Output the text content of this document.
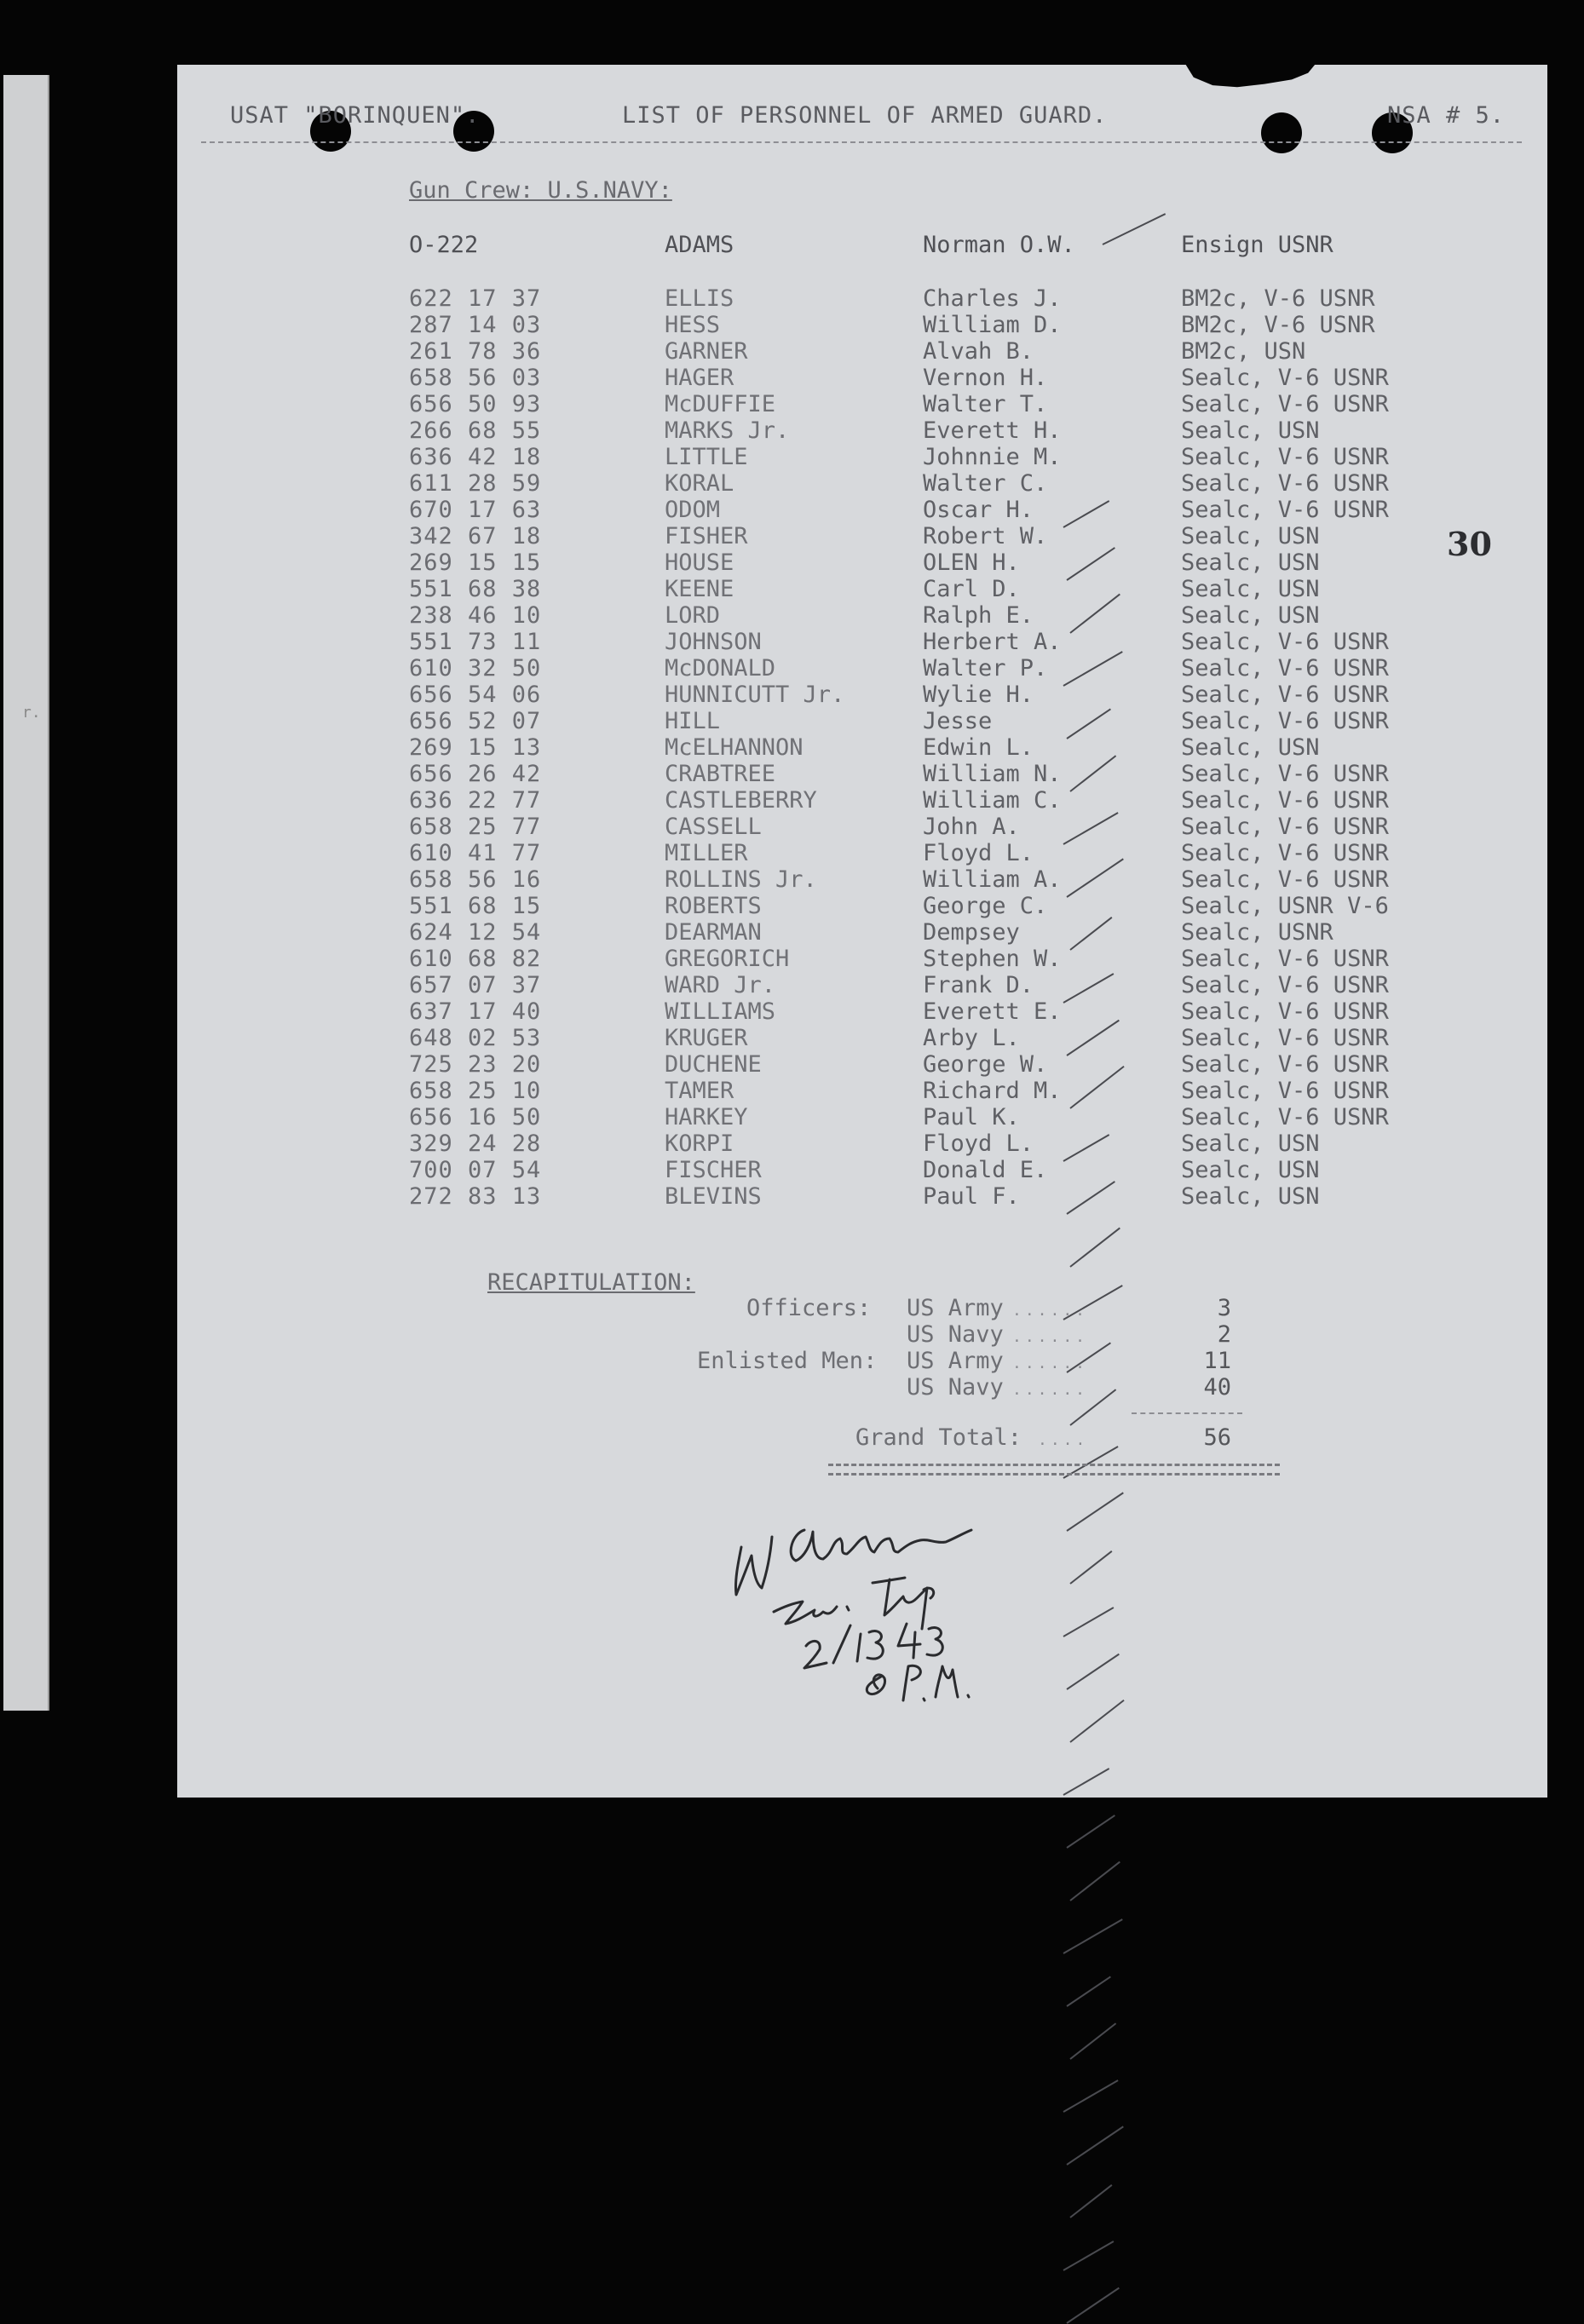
r.
USAT "BORINQUEN".	LIST OF PERSONNEL OF ARMED GUARD.	NSA # 5.
Gun Crew: U.S.NAVY:
O-222	ADAMS	Norman O.W.	Ensign USNR
622 17 37	ELLIS	Charles J.	BM2c, V-6 USNR
287 14 03	HESS	William D.	BM2c, V-6 USNR
261 78 36	GARNER	Alvah B.	BM2c, USN
658 56 03	HAGER	Vernon H.	Sealc, V-6 USNR
656 50 93	McDUFFIE	Walter T.	Sealc, V-6 USNR
266 68 55	MARKS Jr.	Everett H.	Sealc, USN
636 42 18	LITTLE	Johnnie M.	Sealc, V-6 USNR
611 28 59	KORAL	Walter C.	Sealc, V-6 USNR
670 17 63	ODOM	Oscar H.	Sealc, V-6 USNR
342 67 18	FISHER	Robert W.	Sealc, USN
269 15 15	HOUSE	OLEN H.	Sealc, USN
551 68 38	KEENE	Carl D.	Sealc, USN
238 46 10	LORD	Ralph E.	Sealc, USN
551 73 11	JOHNSON	Herbert A.	Sealc, V-6 USNR
610 32 50	McDONALD	Walter P.	Sealc, V-6 USNR
656 54 06	HUNNICUTT Jr.	Wylie H.	Sealc, V-6 USNR
656 52 07	HILL	Jesse	Sealc, V-6 USNR
269 15 13	McELHANNON	Edwin L.	Sealc, USN
656 26 42	CRABTREE	William N.	Sealc, V-6 USNR
636 22 77	CASTLEBERRY	William C.	Sealc, V-6 USNR
658 25 77	CASSELL	John A.	Sealc, V-6 USNR
610 41 77	MILLER	Floyd L.	Sealc, V-6 USNR
658 56 16	ROLLINS Jr.	William A.	Sealc, V-6 USNR
551 68 15	ROBERTS	George C.	Sealc, USNR V-6
624 12 54	DEARMAN	Dempsey	Sealc, USNR
610 68 82	GREGORICH	Stephen W.	Sealc, V-6 USNR
657 07 37	WARD Jr.	Frank D.	Sealc, V-6 USNR
637 17 40	WILLIAMS	Everett E.	Sealc, V-6 USNR
648 02 53	KRUGER	Arby L.	Sealc, V-6 USNR
725 23 20	DUCHENE	George W.	Sealc, V-6 USNR
658 25 10	TAMER	Richard M.	Sealc, V-6 USNR
656 16 50	HARKEY	Paul K.	Sealc, V-6 USNR
329 24 28	KORPI	Floyd L.	Sealc, USN
700 07 54	FISCHER	Donald E.	Sealc, USN
272 83 13	BLEVINS	Paul F.	Sealc, USN
30
RECAPITULATION:
Officers: US Army ......	3
US Navy ......	2
Enlisted Men: US Army ......	11
US Navy ......	40
Grand Total: ....	56
